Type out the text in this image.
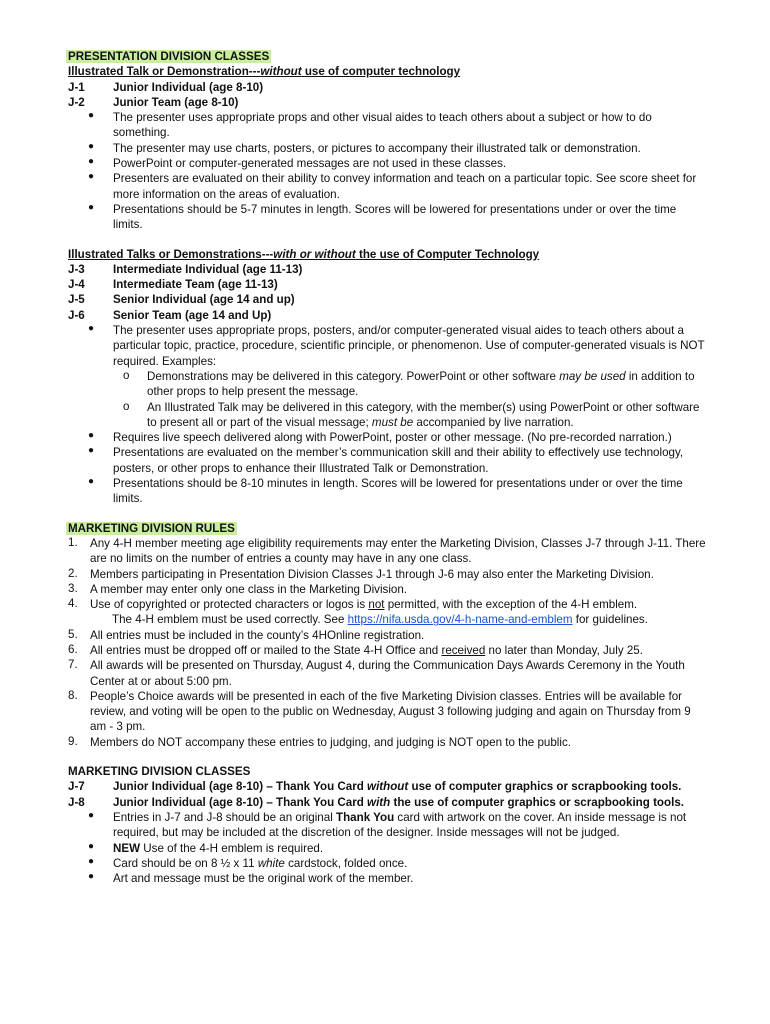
PRESENTATION DIVISION CLASSES
Illustrated Talk or Demonstration---without use of computer technology
J-1	Junior Individual (age 8-10)
J-2	Junior Team (age 8-10)
●	The presenter uses appropriate props and other visual aides to teach others about a subject or how to do something.
●	The presenter may use charts, posters, or pictures to accompany their illustrated talk or demonstration.
●	PowerPoint or computer-generated messages are not used in these classes.
●	Presenters are evaluated on their ability to convey information and teach on a particular topic. See score sheet for more information on the areas of evaluation.
●	Presentations should be 5-7 minutes in length. Scores will be lowered for presentations under or over the time limits.
Illustrated Talks or Demonstrations---with or without the use of Computer Technology
J-3	Intermediate Individual (age 11-13)
J-4	Intermediate Team (age 11-13)
J-5	Senior Individual (age 14 and up)
J-6	Senior Team (age 14 and Up)
●	The presenter uses appropriate props, posters, and/or computer-generated visual aides to teach others about a particular topic, practice, procedure, scientific principle, or phenomenon. Use of computer-generated visuals is NOT required. Examples:
o	Demonstrations may be delivered in this category. PowerPoint or other software may be used in addition to other props to help present the message.
o	An Illustrated Talk may be delivered in this category, with the member(s) using PowerPoint or other software to present all or part of the visual message; must be accompanied by live narration.
●	Requires live speech delivered along with PowerPoint, poster or other message. (No pre-recorded narration.)
●	Presentations are evaluated on the member’s communication skill and their ability to effectively use technology, posters, or other props to enhance their Illustrated Talk or Demonstration.
●	Presentations should be 8-10 minutes in length. Scores will be lowered for presentations under or over the time limits.
MARKETING DIVISION RULES
1.	Any 4-H member meeting age eligibility requirements may enter the Marketing Division, Classes J-7 through J-11. There are no limits on the number of entries a county may have in any one class.
2.	Members participating in Presentation Division Classes J-1 through J-6 may also enter the Marketing Division.
3.	A member may enter only one class in the Marketing Division.
4.	Use of copyrighted or protected characters or logos is not permitted, with the exception of the 4-H emblem.
The 4-H emblem must be used correctly. See https://nifa.usda.gov/4-h-name-and-emblem for guidelines.
5.	All entries must be included in the county’s 4HOnline registration.
6.	All entries must be dropped off or mailed to the State 4-H Office and received no later than Monday, July 25.
7.	All awards will be presented on Thursday, August 4, during the Communication Days Awards Ceremony in the Youth Center at or about 5:00 pm.
8.	People’s Choice awards will be presented in each of the five Marketing Division classes. Entries will be available for review, and voting will be open to the public on Wednesday, August 3 following judging and again on Thursday from 9 am - 3 pm.
9.	Members do NOT accompany these entries to judging, and judging is NOT open to the public.
MARKETING DIVISION CLASSES
J-7	Junior Individual (age 8-10) – Thank You Card without use of computer graphics or scrapbooking tools.
J-8	Junior Individual (age 8-10) – Thank You Card with the use of computer graphics or scrapbooking tools.
●	Entries in J-7 and J-8 should be an original Thank You card with artwork on the cover. An inside message is not required, but may be included at the discretion of the designer. Inside messages will not be judged.
●	NEW Use of the 4-H emblem is required.
●	Card should be on 8 ½ x 11 white cardstock, folded once.
●	Art and message must be the original work of the member.
